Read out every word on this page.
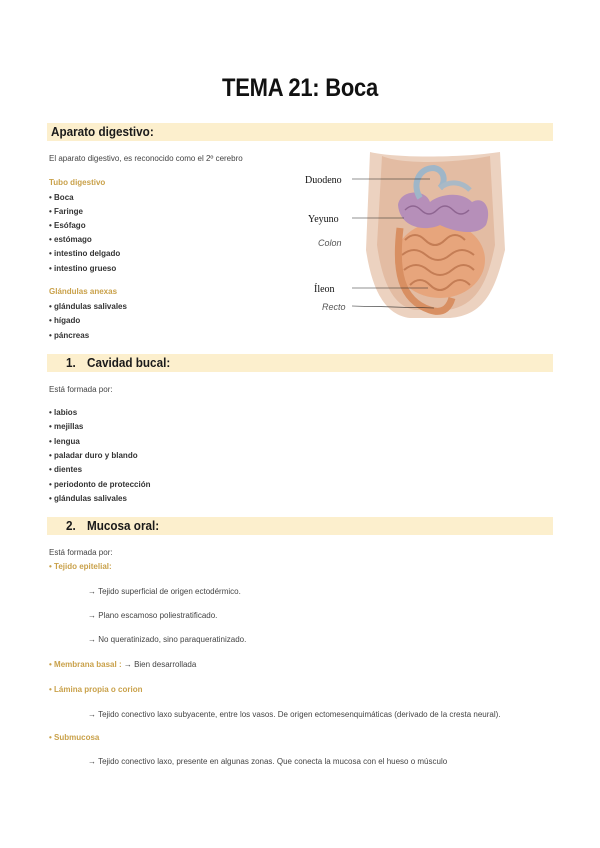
TEMA 21: Boca
Aparato digestivo:
El aparato digestivo, es reconocido como el 2º cerebro
Tubo digestivo
• Boca
• Faringe
• Esófago
• estómago
• intestino delgado
• intestino grueso
Glándulas anexas
• glándulas salivales
• hígado
• páncreas
Duodeno
Yeyuno
Colon
Íleon
Recto
1. Cavidad bucal:
Está formada por:
• labios
• mejillas
• lengua
• paladar duro y blando
• dientes
• periodonto de protección
• glándulas salivales
2. Mucosa oral:
Está formada por:
• Tejido epitelial:
→ Tejido superficial de origen ectodérmico.
→ Plano escamoso poliestratificado.
→ No queratinizado, sino paraqueratinizado.
• Membrana basal : → Bien desarrollada
• Lámina propia o corion
→ Tejido conectivo laxo subyacente, entre los vasos. De origen ectomesenquimáticas (derivado de la cresta neural).
• Submucosa
→ Tejido conectivo laxo, presente en algunas zonas. Que conecta la mucosa con el hueso o músculo
